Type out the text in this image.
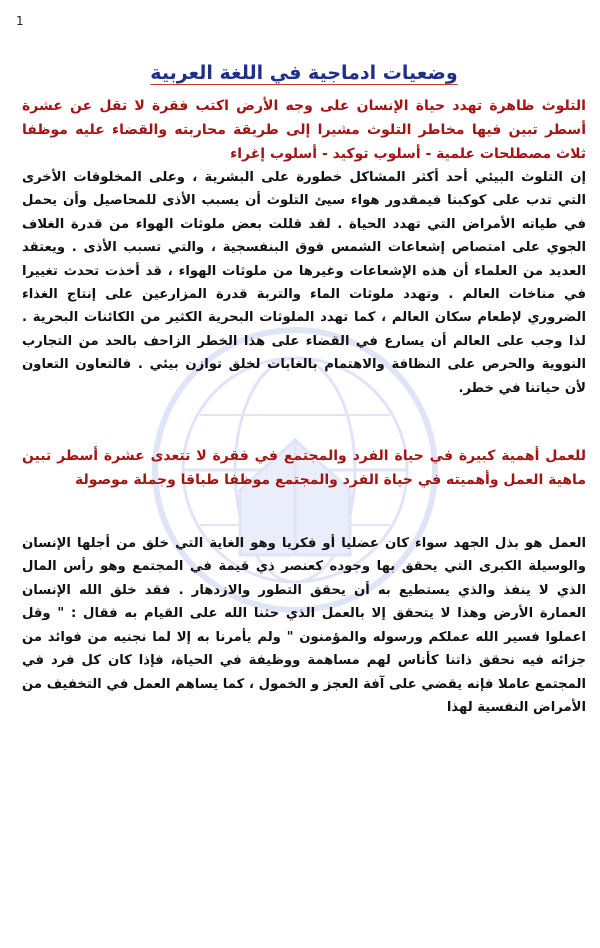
1

وضعيات ادماجية في اللغة العربية

التلوث ظاهرة تهدد حياة الإنسان على وجه الأرض اكتب فقرة لا تقل عن عشرة أسطر تبين فيها مخاطر التلوث مشيرا إلى طريقة محاربته والقضاء عليه موظفا ثلاث مصطلحات علمية - أسلوب توكيد - أسلوب إغراء

إن التلوث البيئي أحد أكثر المشاكل خطورة على البشرية ، وعلى المخلوقات الأخرى التي تدب على كوكبنا فيمقدور هواء سيئ التلوث أن يسبب الأذى للمحاصيل وأن يحمل في طياته الأمراض التي تهدد الحياة . لقد قللت بعض ملوثات الهواء من قدرة الغلاف الجوي على امتصاص إشعاعات الشمس فوق البنفسجية ، والتي تسبب الأذى . ويعتقد العديد من العلماء أن هذه الإشعاعات وغيرها من ملوثات الهواء ، قد أخذت تحدث تغييرا في مناخات العالم . وتهدد ملوثات الماء والتربة قدرة المزارعين على إنتاج الغذاء الضروري لإطعام سكان العالم ، كما تهدد الملوثات البحرية الكثير من الكائنات البحرية . لذا وجب على العالم أن يسارع في القضاء على هذا الخطر الزاحف بالحد من التجارب النووية والحرص على النظافة والاهتمام بالغابات لخلق توازن بيئي . فالتعاون التعاون لأن حياتنا في خطر.

للعمل أهمية كبيرة في حياة الفرد والمجتمع في فقرة لا تتعدى عشرة أسطر تبين ماهية العمل وأهميته في حياة الفرد والمجتمع موظفا طباقا وجملة موصولة

العمل هو بذل الجهد سواء كان عضليا أو فكريا وهو الغاية التي خلق من أجلها الإنسان والوسيلة الكبرى التي يحقق بها وجوده كعنصر ذي قيمة في المجتمع وهو رأس المال الذي لا ينفذ والذي يستطيع به أن يحقق التطور والازدهار . فقد خلق الله الإنسان العمارة الأرض وهذا لا يتحقق إلا بالعمل الذي حثنا الله على القيام به فقال : " وقل اعملوا فسير الله عملكم ورسوله والمؤمنون " ولم يأمرنا به إلا لما نجنيه من فوائد من جزائه فيه نحقق ذاتنا كأناس لهم مساهمة ووظيفة في الحياة، فإذا كان كل فرد في المجتمع عاملا فإنه يقضي على آفة العجز و الخمول ، كما يساهم العمل في التخفيف من الأمراض النفسية لهذا
